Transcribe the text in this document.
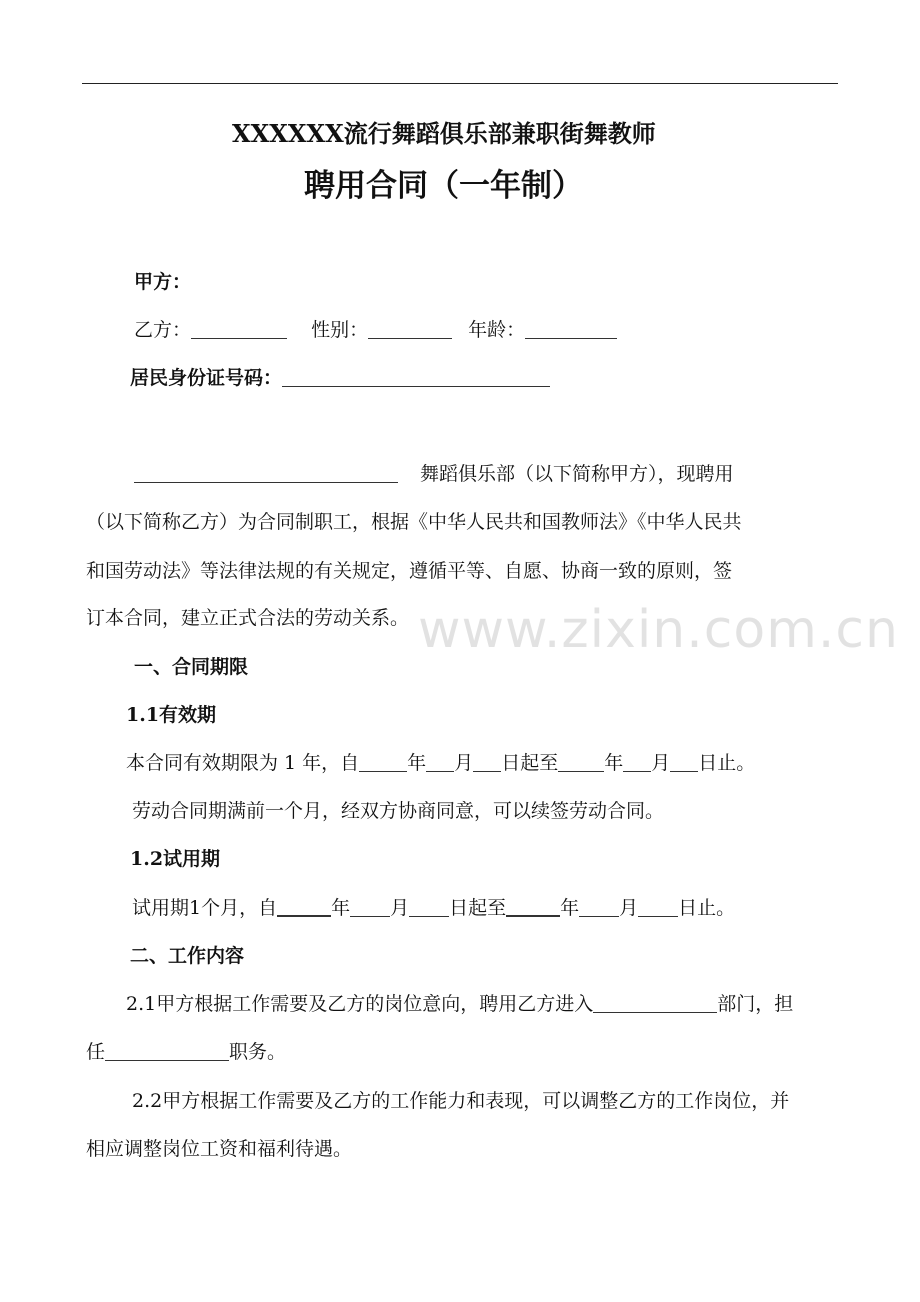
XXXXXX流行舞蹈俱乐部兼职街舞教师
聘用合同（一年制）
甲方：
乙方：	性别：	年龄：
居民身份证号码：
舞蹈俱乐部（以下简称甲方），现聘用
（以下简称乙方）为合同制职工，根据《中华人民共和国教师法》《中华人民共
和国劳动法》等法律法规的有关规定，遵循平等、自愿、协商一致的原则，签
订本合同，建立正式合法的劳动关系。
一、合同期限
1.1有效期
本合同有效期限为 1 年，自	年 月 日起至 年 月 日止。
劳动合同期满前一个月，经双方协商同意，可以续签劳动合同。
1.2试用期
试用期1个月，自	年 月 日起至	年 月 日止。
二、工作内容
2.1甲方根据工作需要及乙方的岗位意向，聘用乙方进入	部门，担
任	职务。
2.2甲方根据工作需要及乙方的工作能力和表现，可以调整乙方的工作岗位，并
相应调整岗位工资和福利待遇。
www.zixin.com.cn
